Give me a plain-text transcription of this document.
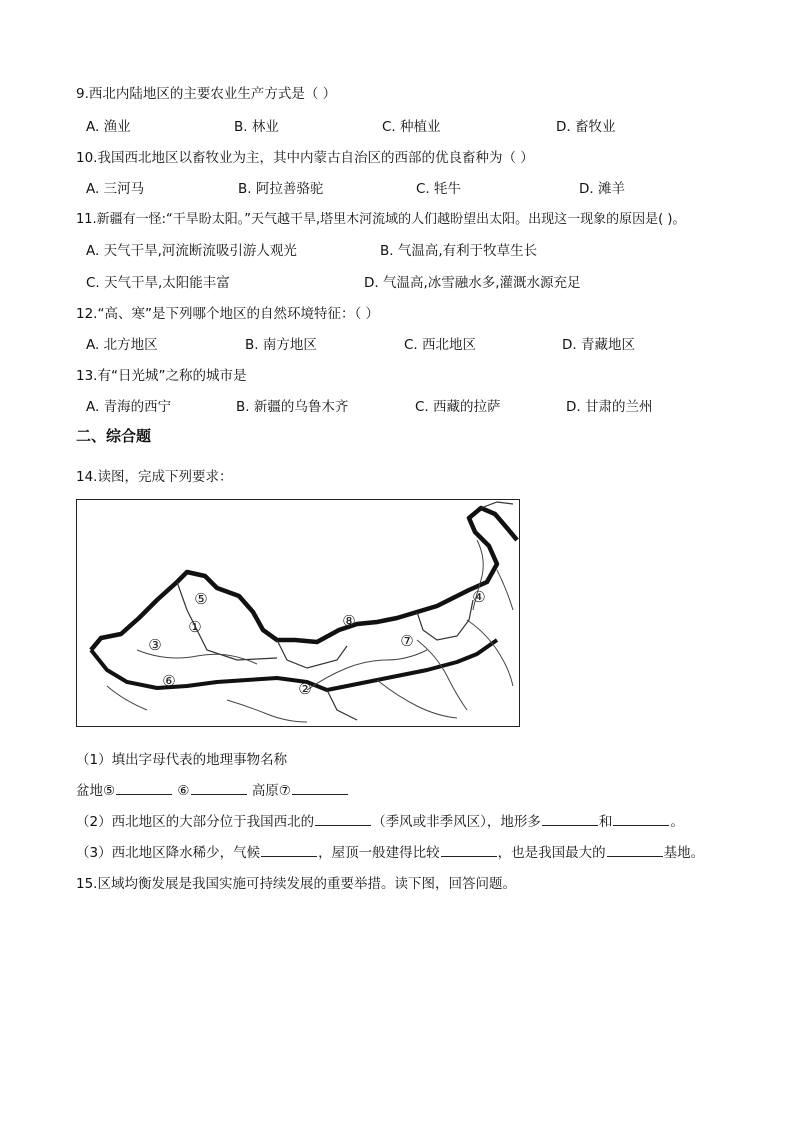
9.西北内陆地区的主要农业生产方式是（ ）
A. 渔业	B. 林业	C. 种植业	D. 畜牧业
10.我国西北地区以畜牧业为主，其中内蒙古自治区的西部的优良畜种为（ ）
A. 三河马	B. 阿拉善骆驼	C. 牦牛	D. 滩羊
11.新疆有一怪:“干旱盼太阳。”天气越干旱,塔里木河流域的人们越盼望出太阳。出现这一现象的原因是( )。
A. 天气干旱,河流断流吸引游人观光	B. 气温高,有利于牧草生长
C. 天气干旱,太阳能丰富	D. 气温高,冰雪融水多,灌溉水源充足
12.“高、寒”是下列哪个地区的自然环境特征：（ ）
A. 北方地区	B. 南方地区	C. 西北地区	D. 青藏地区
13.有“日光城”之称的城市是
A. 青海的西宁	B. 新疆的乌鲁木齐	C. 西藏的拉萨	D. 甘肃的兰州
二、综合题
14.读图，完成下列要求：
①
②
③
④
⑤
⑥
⑦
⑧
（1）填出字母代表的地理事物名称
盆地⑤	⑥	高原⑦
（2）西北地区的大部分位于我国西北的	（季风或非季风区），地形多	和	。
（3）西北地区降水稀少，气候	，屋顶一般建得比较	，也是我国最大的	基地。
15.区域均衡发展是我国实施可持续发展的重要举措。读下图，回答问题。
